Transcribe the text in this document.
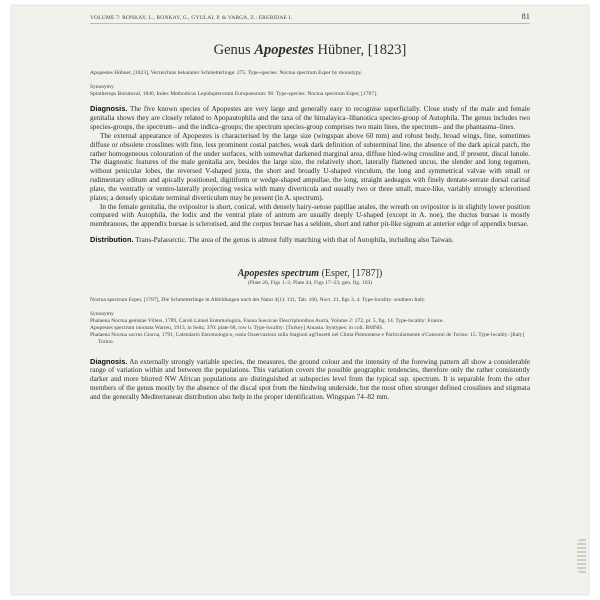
VOLUME 7: RONKAY, L., RONKAY, G., GYULAI, P. & VARGA, Z.: EREBIDAE I.	81
Genus Apopestes Hübner, [1823]

Apopestes Hübner, [1823], Verzeichnis bekannter Schmetterlinge: 275. Type-species: Noctua spectrum Esper by monotypy.

Synonymy

Spintherops Boisduval, 1840, Index Methodicus Lepidopterorum Europaeorum: 98. Type-species: Noctua spectrum Esper, [1787].

Diagnosis. The five known species of Apopestes are very large and generally easy to recognise superficially. Close study of the male and female genitalia shows they are closely related to Apopautophila and the taxa of the himalayica–libanotica species-group of Autophila. The genus includes two species-groups, the spectrum– and the indica–groups; the spectrum species-group comprises two main lines, the spectrum– and the phantasma–lines.

The external appearance of Apopestes is characterised by the large size (wingspan above 60 mm) and robust body, broad wings, fine, sometimes diffuse or obsolete crosslines with fine, less prominent costal patches, weak dark definition of subterminal line, the absence of the dark apical patch, the rather homogeneous colouration of the under surfaces, with somewhat darkened marginal area, diffuse hind-wing crossline and, if present, discal lunule. The diagnostic features of the male genitalia are, besides the large size, the relatively short, laterally flattened uncus, the slender and long tegumen, without penicular lobes, the reversed V-shaped juxta, the short and broadly U-shaped vinculum, the long and symmetrical valvae with small or rudimentary editum and apically positioned, digitiform or wedge-shaped ampullae, the long, straight aedeagus with finely dentate-serrate dorsal carinal plate, the ventrally or ventro-laterally projecting vesica with many diverticula and usually two or three small, mace-like, variably strongly sclerotised plates; a densely spiculate terminal diverticulum may be present (in A. spectrum).

In the female genitalia, the ovipositor is short, conical, with densely hairy-setose papillae anales, the wreath on ovipositor is in slightly lower position compared with Autophila, the lodix and the ventral plate of antrum are usually deeply U-shaped (except in A. noe), the ductus bursae is mostly membranous, the appendix bursae is sclerotised, and the corpus bursae has a seldom, short and rather pit-like signum at anterior edge of appendix bursae.

Distribution. Trans-Palaearctic. The area of the genus is almost fully matching with that of Autophila, including also Taiwan.

Apopestes spectrum (Esper, [1787])

(Plate 26, Figs 1–2; Plate 44, Figs 17–23; gen. fig. 103)

Noctua spectrum Esper, [1787], Die Schmetterlinge in Abbildungen nach der Natur 4(1): 131, Tab. 100, Noct. 21, figs 3, 4. Type-locality: southern Italy.

Synonymy

Phalaena Noctua genistae Villers, 1789, Caroli Linnei Entomologica, Fauna Suecicae Descriptionibus Aucta, Volume 2: 272, pl. 5, fig. 14. Type-locality: France.

Apopestes spectrum innotata Warren, 1913, in Seitz, 370: plate 68, row b. Type-locality: [Turkey] Amasia. Syntypes: in coll. BMNH.

Phalaena Noctua socrus Giorna, 1791, Calendario Entomologico, ossia Osservazioni sulla Stagioni agl'Insetti nel Clima Piemontese e Particularmente n'Contorni de Torino: 15. Type-locality: [Italy] Torino.

Diagnosis. An externally strongly variable species, the measures, the ground colour and the intensity of the forewing pattern all show a considerable range of variation within and between the populations. This variation covers the possible geographic tendencies, therefore only the rather consistently darker and more blurred NW African populations are distinguished at subspecies level from the typical ssp. spectrum. It is separable from the other members of the genus mostly by the absence of the discal spot from the hindwing underside, but the most often stronger defined crosslines and stigmata and the generally Mediterranean distribution also help in the proper identification. Wingspan 74–82 mm.
